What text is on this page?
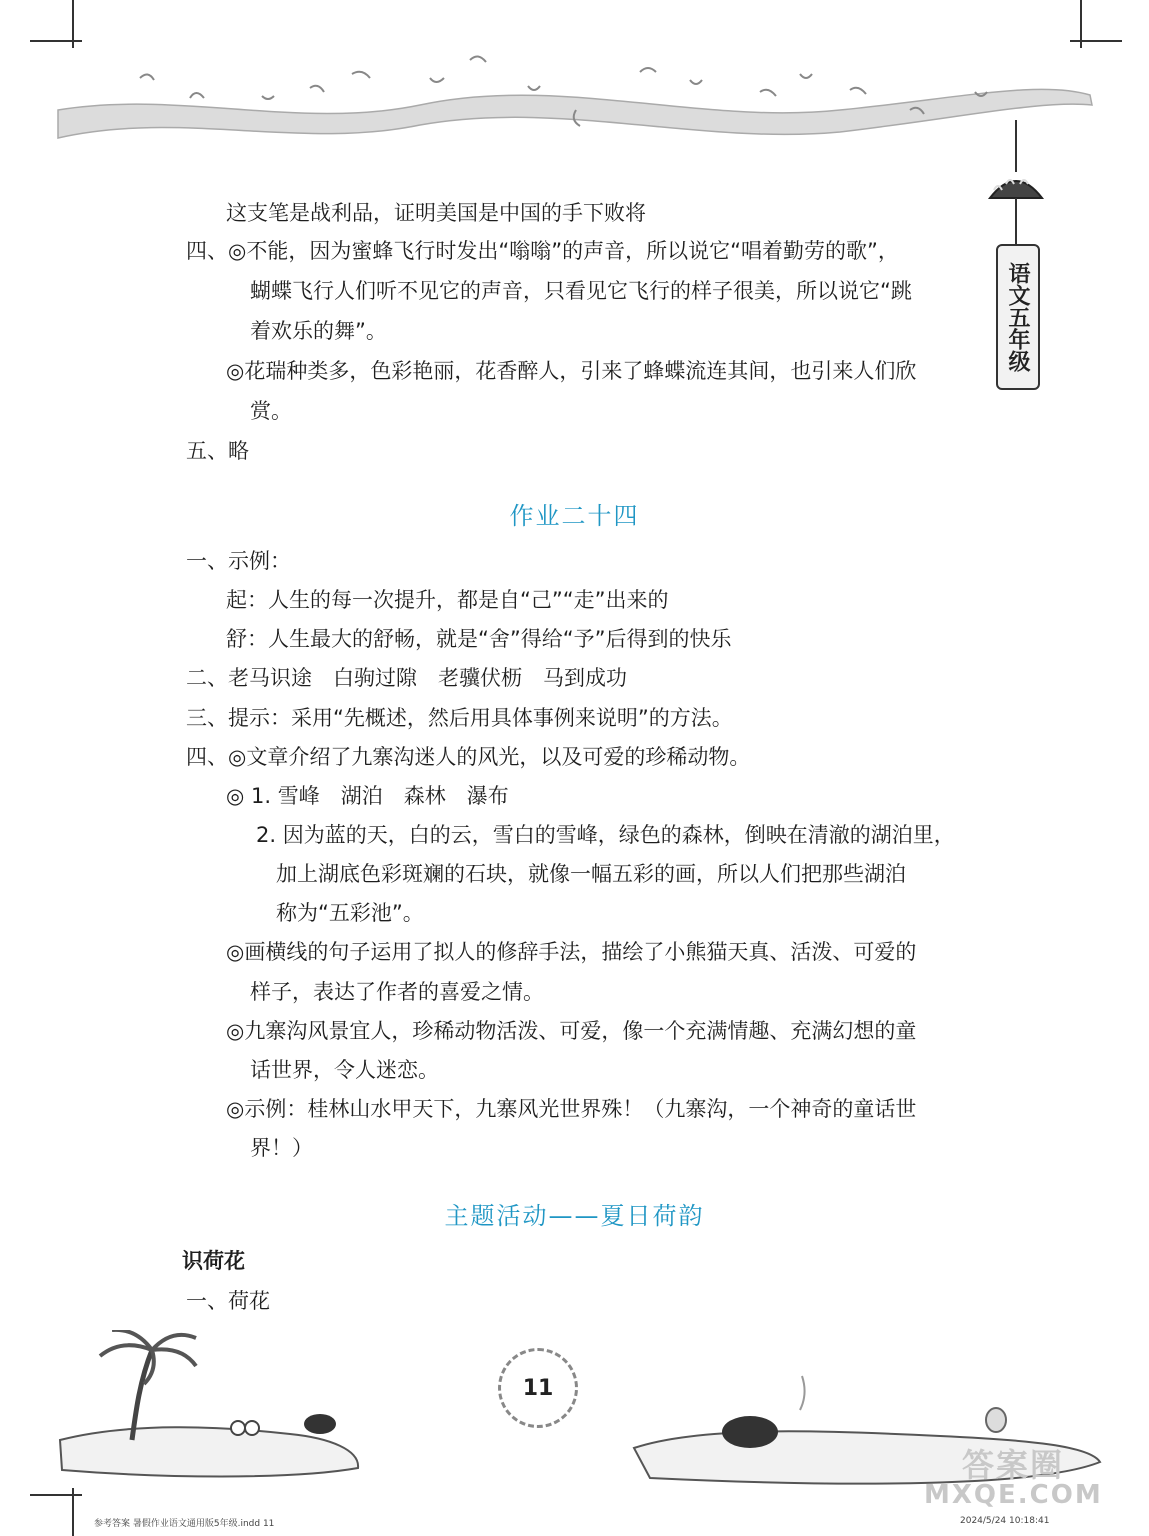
语文五年级
这支笔是战利品，证明美国是中国的手下败将
四、◎不能，因为蜜蜂飞行时发出“嗡嗡”的声音，所以说它“唱着勤劳的歌”，
蝴蝶飞行人们听不见它的声音，只看见它飞行的样子很美，所以说它“跳
着欢乐的舞”。
◎花瑞种类多，色彩艳丽，花香醉人，引来了蜂蝶流连其间，也引来人们欣
赏。
五、略
作业二十四
一、示例：
起：人生的每一次提升，都是自“己”“走”出来的
舒：人生最大的舒畅，就是“舍”得给“予”后得到的快乐
二、老马识途　白驹过隙　老骥伏枥　马到成功
三、提示：采用“先概述，然后用具体事例来说明”的方法。
四、◎文章介绍了九寨沟迷人的风光，以及可爱的珍稀动物。
◎ 1. 雪峰　湖泊　森林　瀑布
2. 因为蓝的天，白的云，雪白的雪峰，绿色的森林，倒映在清澈的湖泊里，
加上湖底色彩斑斓的石块，就像一幅五彩的画，所以人们把那些湖泊
称为“五彩池”。
◎画横线的句子运用了拟人的修辞手法，描绘了小熊猫天真、活泼、可爱的
样子，表达了作者的喜爱之情。
◎九寨沟风景宜人，珍稀动物活泼、可爱，像一个充满情趣、充满幻想的童
话世界，令人迷恋。
◎示例：桂林山水甲天下，九寨风光世界殊！（九寨沟，一个神奇的童话世
界！）
主题活动——夏日荷韵
识荷花
一、荷花
11
答案圈
MXQE.COM
参考答案 暑假作业语文通用版5年级.indd 11	2024/5/24 10:18:41
